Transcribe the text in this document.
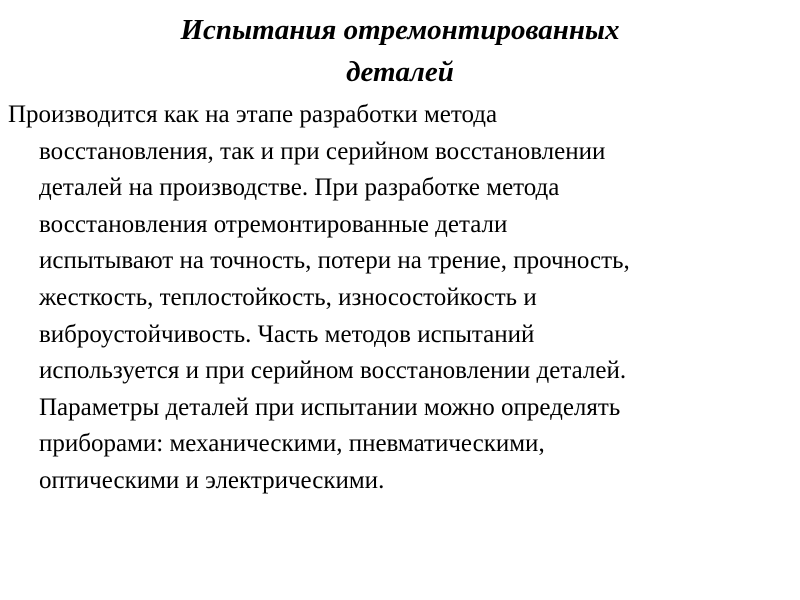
Испытания отремонтированных
деталей

Производится как на этапе разработки метода
восстановления, так и при серийном восстановлении
деталей на производстве. При разработке метода
восстановления отремонтированные детали
испытывают на точность, потери на трение, прочность,
жесткость, теплостойкость, износостойкость и
виброустойчивость. Часть методов испытаний
используется и при серийном восстановлении деталей.
Параметры деталей при испытании можно определять
приборами: механическими, пневматическими,
оптическими и электрическими.
